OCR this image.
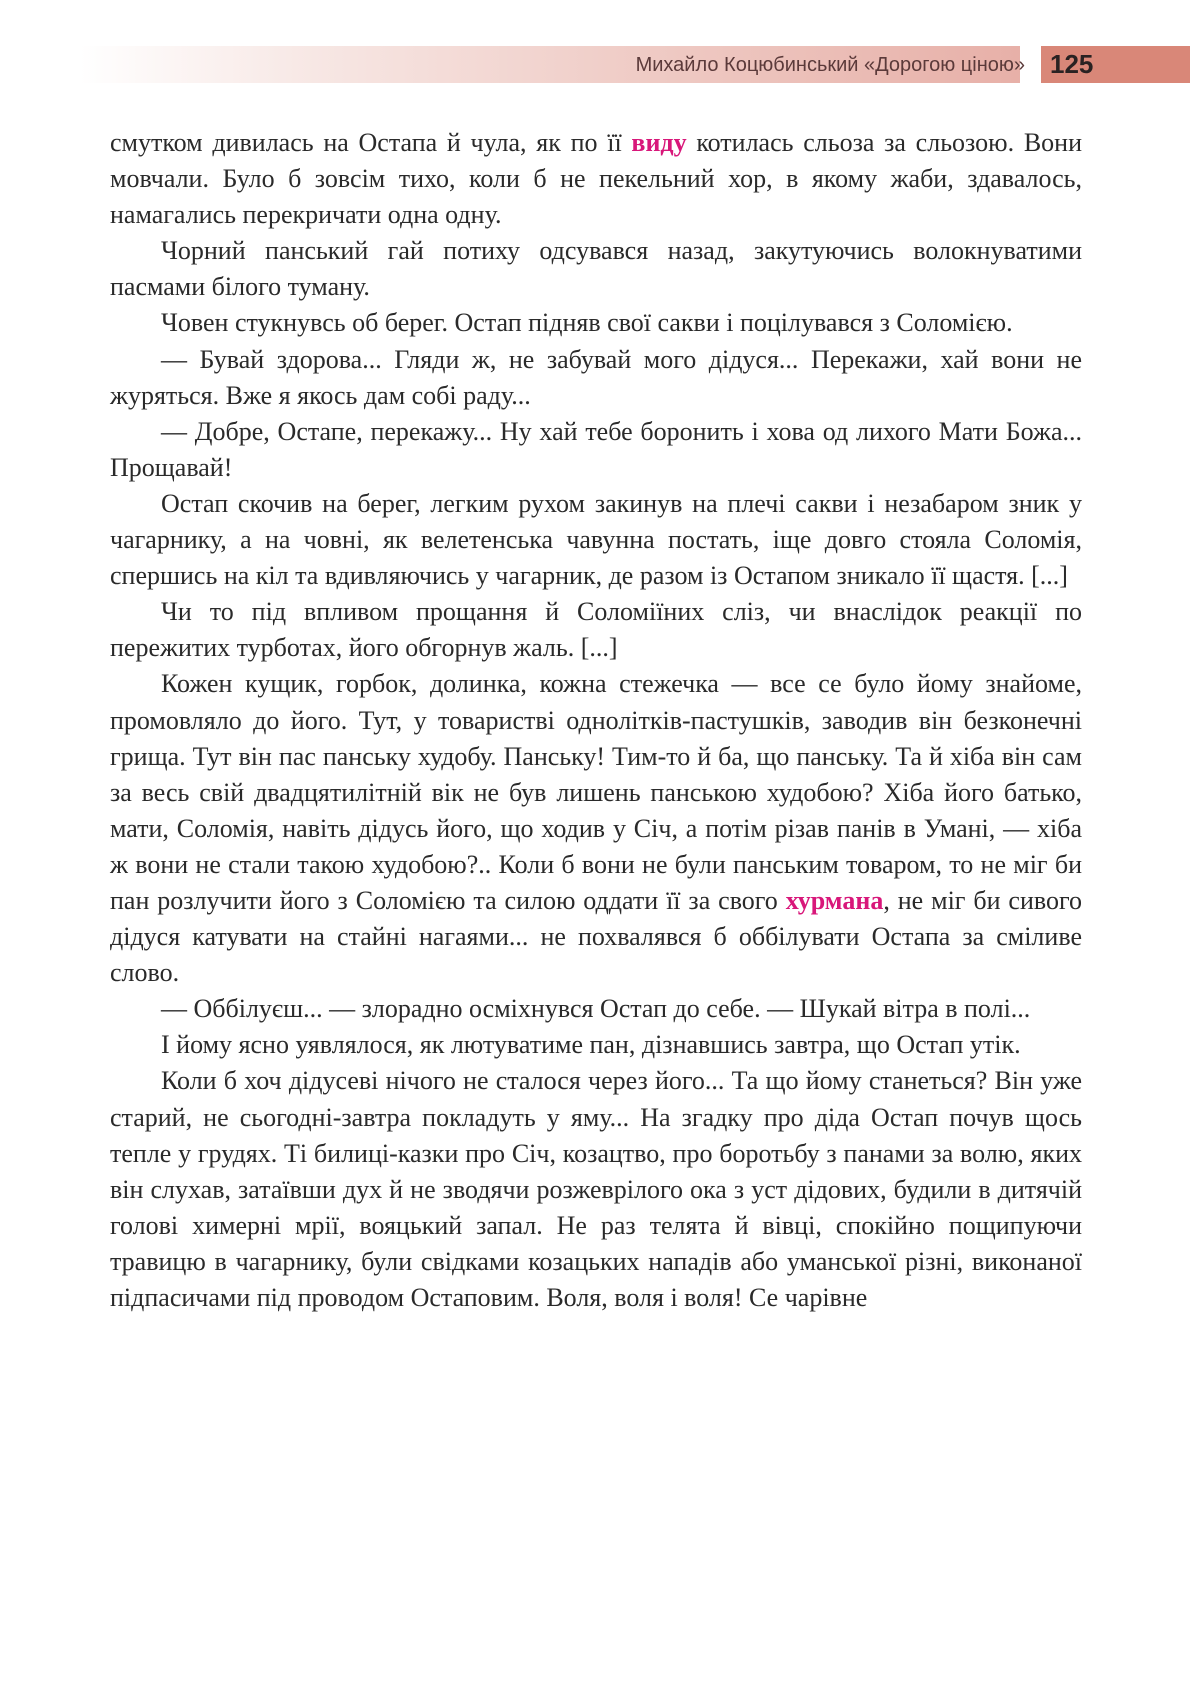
Михайло Коцюбинський «Дорогою ціною» 125

смутком дивилась на Остапа й чула, як по її виду котилась сльоза за сльозою. Вони мовчали. Було б зовсім тихо, коли б не пекельний хор, в якому жаби, здавалось, намагались перекричати одна одну.

Чорний панський гай потиху одсувався назад, закутуючись волокнуватими пасмами білого туману.

Човен стукнувсь об берег. Остап підняв свої сакви і поцілувався з Соломією.

— Бувай здорова... Гляди ж, не забувай мого дідуся... Перекажи, хай вони не журяться. Вже я якось дам собі раду...

— Добре, Остапе, перекажу... Ну хай тебе боронить і хова од лихого Мати Божа... Прощавай!

Остап скочив на берег, легким рухом закинув на плечі сакви і незабаром зник у чагарнику, а на човні, як велетенська чавунна постать, іще довго стояла Соломія, спершись на кіл та вдивляючись у чагарник, де разом із Остапом зникало її щастя. [...]

Чи то під впливом прощання й Соломіїних сліз, чи внаслідок реакції по пережитих турботах, його обгорнув жаль. [...]

Кожен кущик, горбок, долинка, кожна стежечка — все се було йому знайоме, промовляло до його. Тут, у товаристві однолітків-пастушків, заводив він безконечні грища. Тут він пас панську худобу. Панську! Тим-то й ба, що панську. Та й хіба він сам за весь свій двадцятилітній вік не був лишень панською худобою? Хіба його батько, мати, Соломія, навіть дідусь його, що ходив у Січ, а потім різав панів в Умані, — хіба ж вони не стали такою худобою?.. Коли б вони не були панським товаром, то не міг би пан розлучити його з Соломією та силою оддати її за свого хурмана, не міг би сивого дідуся катувати на стайні нагаями... не похвалявся б оббілувати Остапа за сміливе слово.

— Оббілуєш... — злорадно осміхнувся Остап до себе. — Шукай вітра в полі...

І йому ясно уявлялося, як лютуватиме пан, дізнавшись завтра, що Остап утік.

Коли б хоч дідусеві нічого не сталося через його... Та що йому станеться? Він уже старий, не сьогодні-завтра покладуть у яму... На згадку про діда Остап почув щось тепле у грудях. Ті билиці-казки про Січ, козацтво, про боротьбу з панами за волю, яких він слухав, затаївши дух й не зводячи розжеврілого ока з уст дідових, будили в дитячій голові химерні мрії, вояцький запал. Не раз телята й вівці, спокійно пощипуючи травицю в чагарнику, були свідками козацьких нападів або уманської різні, виконаної підпасичами під проводом Остаповим. Воля, воля і воля! Се чарівне
